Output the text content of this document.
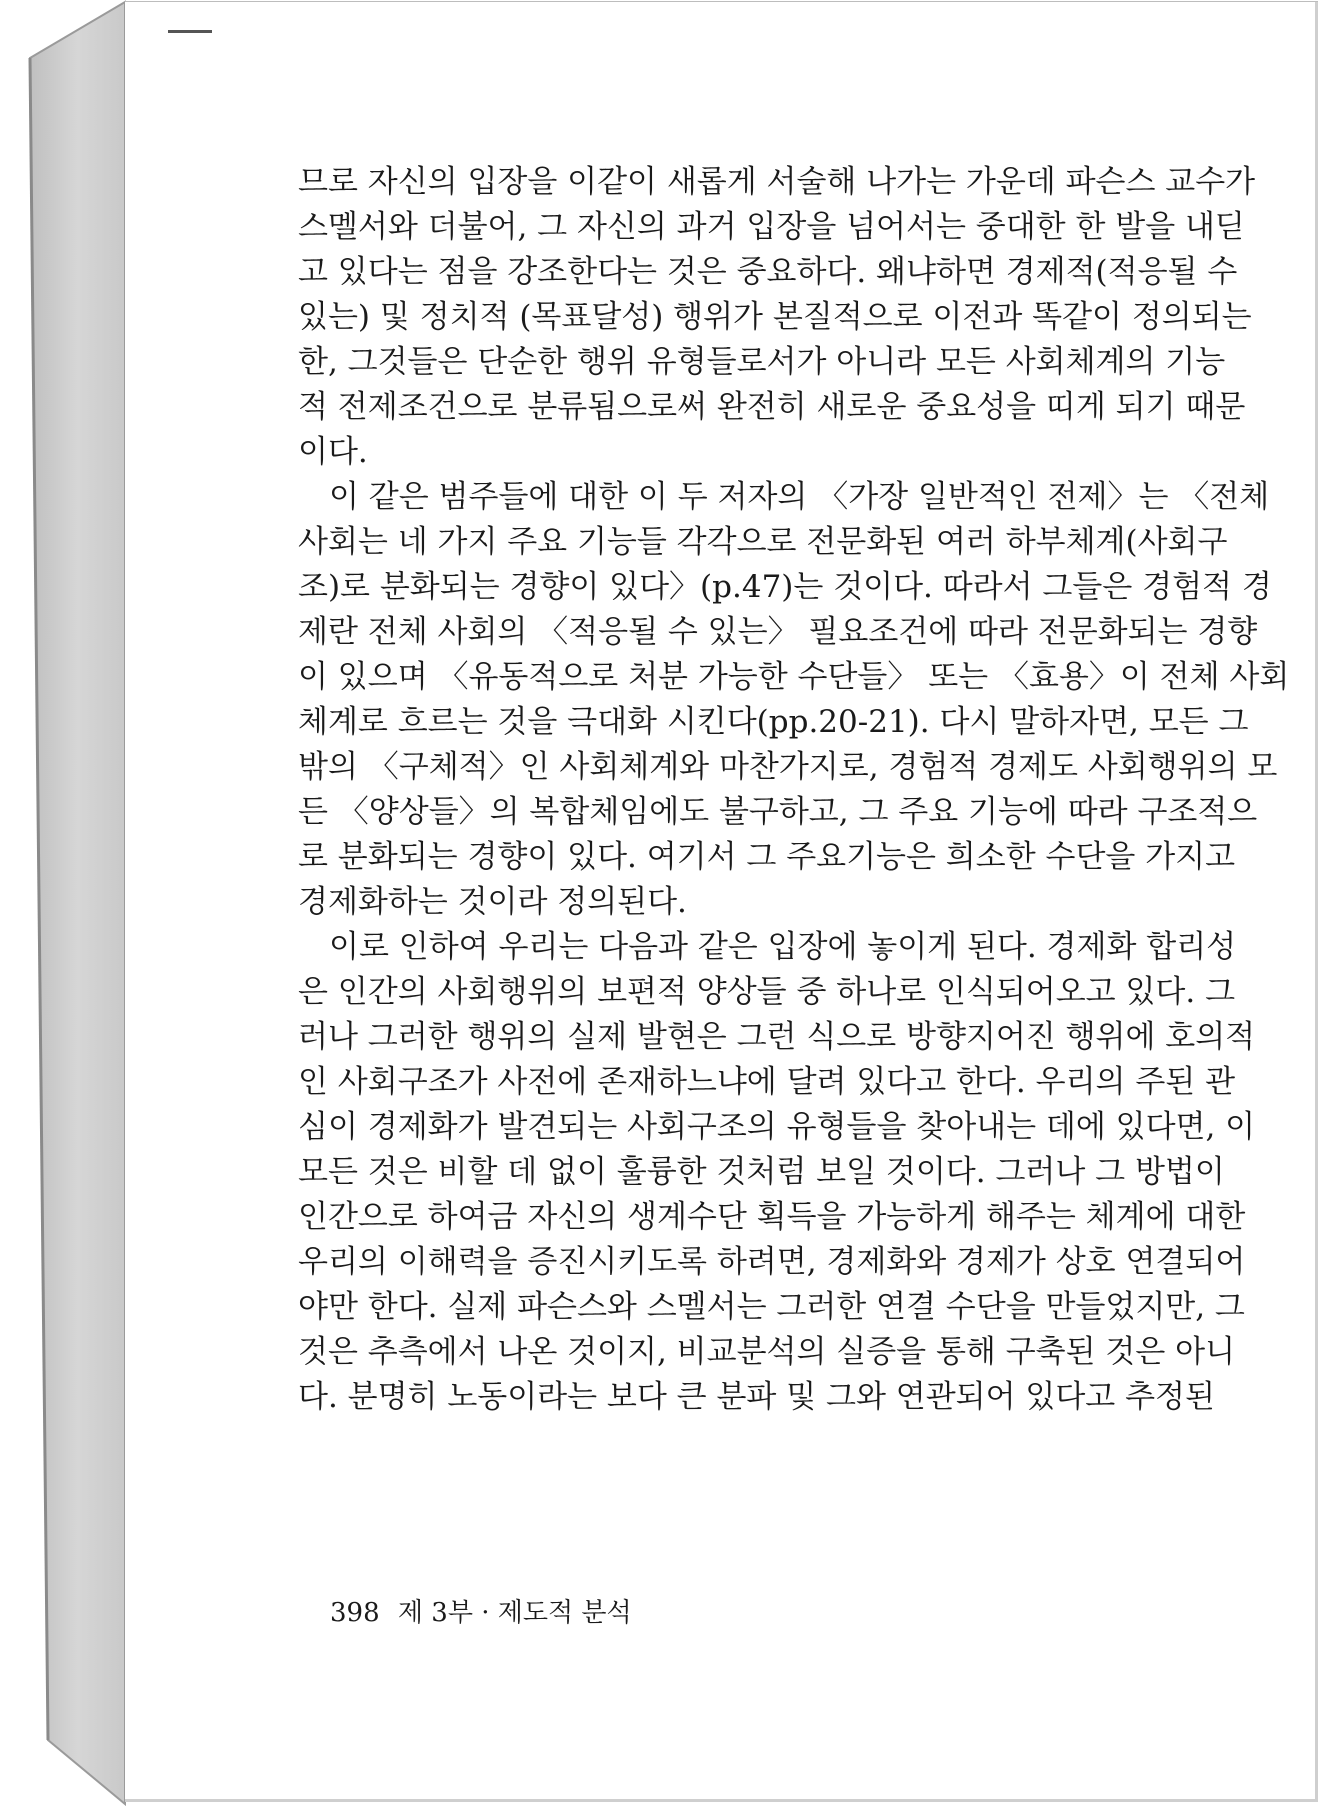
므로 자신의 입장을 이같이 새롭게 서술해 나가는 가운데 파슨스 교수가
스멜서와 더불어, 그 자신의 과거 입장을 넘어서는 중대한 한 발을 내딛
고 있다는 점을 강조한다는 것은 중요하다. 왜냐하면 경제적(적응될 수
있는) 및 정치적 (목표달성) 행위가 본질적으로 이전과 똑같이 정의되는
한, 그것들은 단순한 행위 유형들로서가 아니라 모든 사회체계의 기능
적 전제조건으로 분류됨으로써 완전히 새로운 중요성을 띠게 되기 때문
이다.
이 같은 범주들에 대한 이 두 저자의 〈가장 일반적인 전제〉는 〈전체
사회는 네 가지 주요 기능들 각각으로 전문화된 여러 하부체계(사회구
조)로 분화되는 경향이 있다〉(p.47)는 것이다. 따라서 그들은 경험적 경
제란 전체 사회의 〈적응될 수 있는〉 필요조건에 따라 전문화되는 경향
이 있으며 〈유동적으로 처분 가능한 수단들〉 또는 〈효용〉이 전체 사회
체계로 흐르는 것을 극대화 시킨다(pp.20-21). 다시 말하자면, 모든 그
밖의 〈구체적〉인 사회체계와 마찬가지로, 경험적 경제도 사회행위의 모
든 〈양상들〉의 복합체임에도 불구하고, 그 주요 기능에 따라 구조적으
로 분화되는 경향이 있다. 여기서 그 주요기능은 희소한 수단을 가지고
경제화하는 것이라 정의된다.
이로 인하여 우리는 다음과 같은 입장에 놓이게 된다. 경제화 합리성
은 인간의 사회행위의 보편적 양상들 중 하나로 인식되어오고 있다. 그
러나 그러한 행위의 실제 발현은 그런 식으로 방향지어진 행위에 호의적
인 사회구조가 사전에 존재하느냐에 달려 있다고 한다. 우리의 주된 관
심이 경제화가 발견되는 사회구조의 유형들을 찾아내는 데에 있다면, 이
모든 것은 비할 데 없이 훌륭한 것처럼 보일 것이다. 그러나 그 방법이
인간으로 하여금 자신의 생계수단 획득을 가능하게 해주는 체계에 대한
우리의 이해력을 증진시키도록 하려면, 경제화와 경제가 상호 연결되어
야만 한다. 실제 파슨스와 스멜서는 그러한 연결 수단을 만들었지만, 그
것은 추측에서 나온 것이지, 비교분석의 실증을 통해 구축된 것은 아니
다. 분명히 노동이라는 보다 큰 분파 및 그와 연관되어 있다고 추정된
398 제 3부 · 제도적 분석
